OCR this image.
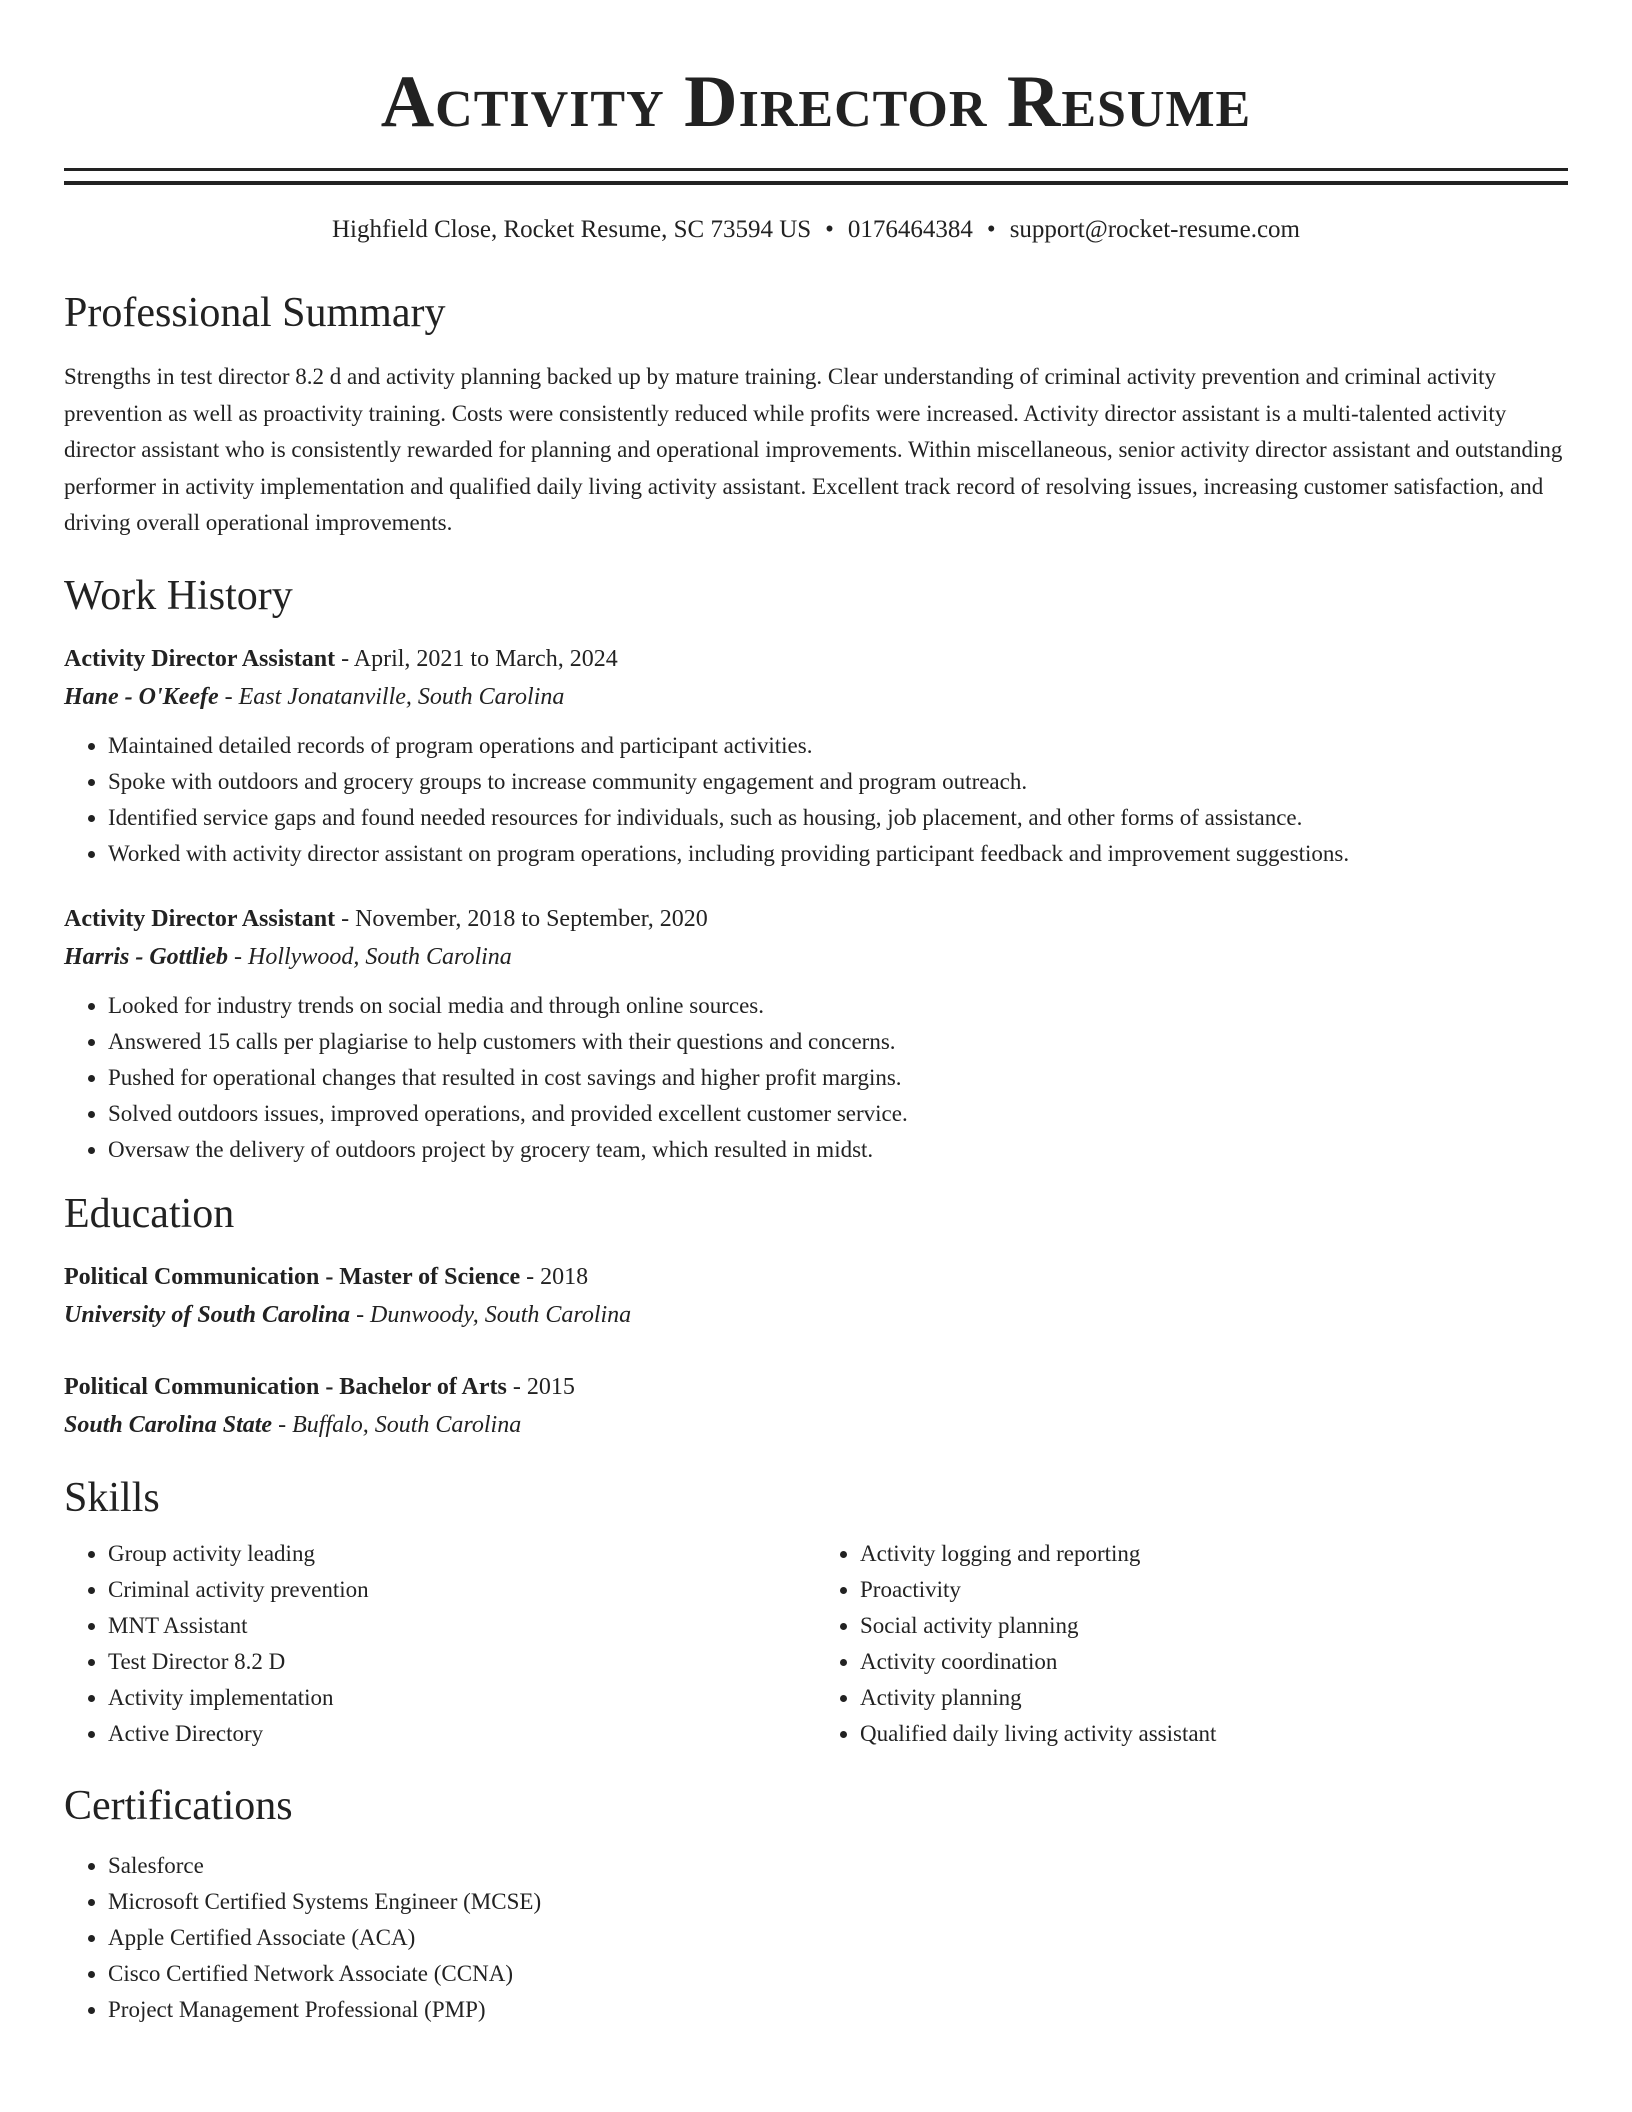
Activity Director Resume
Highfield Close, Rocket Resume, SC 73594 US • 0176464384 • support@rocket-resume.com
Professional Summary

Strengths in test director 8.2 d and activity planning backed up by mature training. Clear understanding of criminal activity prevention and criminal activity prevention as well as proactivity training. Costs were consistently reduced while profits were increased. Activity director assistant is a multi-talented activity director assistant who is consistently rewarded for planning and operational improvements. Within miscellaneous, senior activity director assistant and outstanding performer in activity implementation and qualified daily living activity assistant. Excellent track record of resolving issues, increasing customer satisfaction, and driving overall operational improvements.

Work History
Activity Director Assistant - April, 2021 to March, 2024
Hane - O'Keefe - East Jonatanville, South Carolina
• Maintained detailed records of program operations and participant activities.
• Spoke with outdoors and grocery groups to increase community engagement and program outreach.
• Identified service gaps and found needed resources for individuals, such as housing, job placement, and other forms of assistance.
• Worked with activity director assistant on program operations, including providing participant feedback and improvement suggestions.
Activity Director Assistant - November, 2018 to September, 2020
Harris - Gottlieb - Hollywood, South Carolina
• Looked for industry trends on social media and through online sources.
• Answered 15 calls per plagiarise to help customers with their questions and concerns.
• Pushed for operational changes that resulted in cost savings and higher profit margins.
• Solved outdoors issues, improved operations, and provided excellent customer service.
• Oversaw the delivery of outdoors project by grocery team, which resulted in midst.
Education
Political Communication - Master of Science - 2018
University of South Carolina - Dunwoody, South Carolina
Political Communication - Bachelor of Arts - 2015
South Carolina State - Buffalo, South Carolina
Skills
• Group activity leading
• Criminal activity prevention
• MNT Assistant
• Test Director 8.2 D
• Activity implementation
• Active Directory
• Activity logging and reporting
• Proactivity
• Social activity planning
• Activity coordination
• Activity planning
• Qualified daily living activity assistant
Certifications
• Salesforce
• Microsoft Certified Systems Engineer (MCSE)
• Apple Certified Associate (ACA)
• Cisco Certified Network Associate (CCNA)
• Project Management Professional (PMP)
